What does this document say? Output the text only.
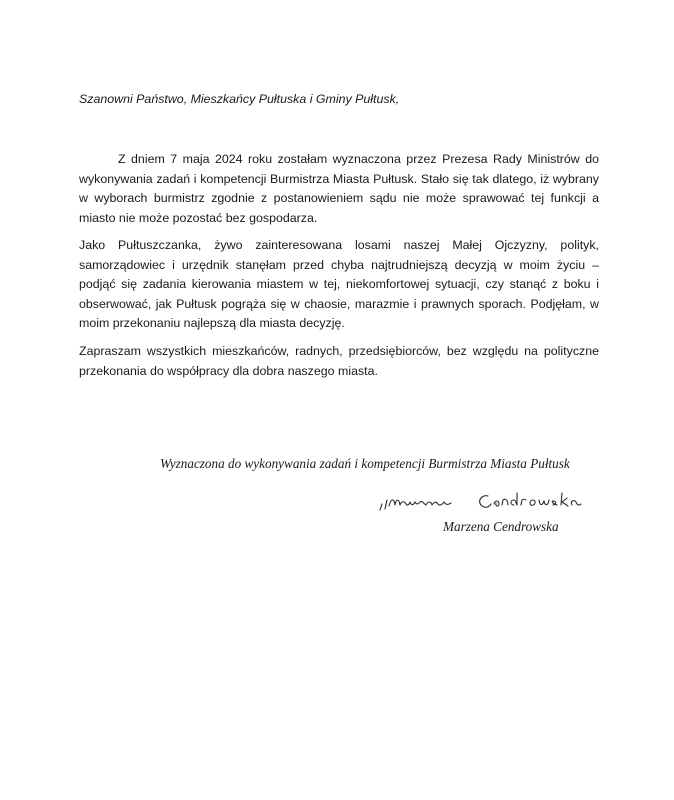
Szanowni Państwo, Mieszkańcy Pułtuska i Gminy Pułtusk,

Z dniem 7 maja 2024 roku zostałam wyznaczona przez Prezesa Rady Ministrów do wykonywania zadań i kompetencji Burmistrza Miasta Pułtusk. Stało się tak dlatego, iż wybrany w wyborach burmistrz zgodnie z postanowieniem sądu nie może sprawować tej funkcji a miasto nie może pozostać bez gospodarza.

Jako Pułtuszczanka, żywo zainteresowana losami naszej Małej Ojczyzny, polityk, samorządowiec i urzędnik stanęłam przed chyba najtrudniejszą decyzją w moim życiu – podjąć się zadania kierowania miastem w tej, niekomfortowej sytuacji, czy stanąć z boku i obserwować, jak Pułtusk pogrąża się w chaosie, marazmie i prawnych sporach. Podjęłam, w moim przekonaniu najlepszą dla miasta decyzję.

Zapraszam wszystkich mieszkańców, radnych, przedsiębiorców, bez względu na polityczne przekonania do współpracy dla dobra naszego miasta.

Wyznaczona do wykonywania zadań i kompetencji Burmistrza Miasta Pułtusk

Marzena Cendrowska
